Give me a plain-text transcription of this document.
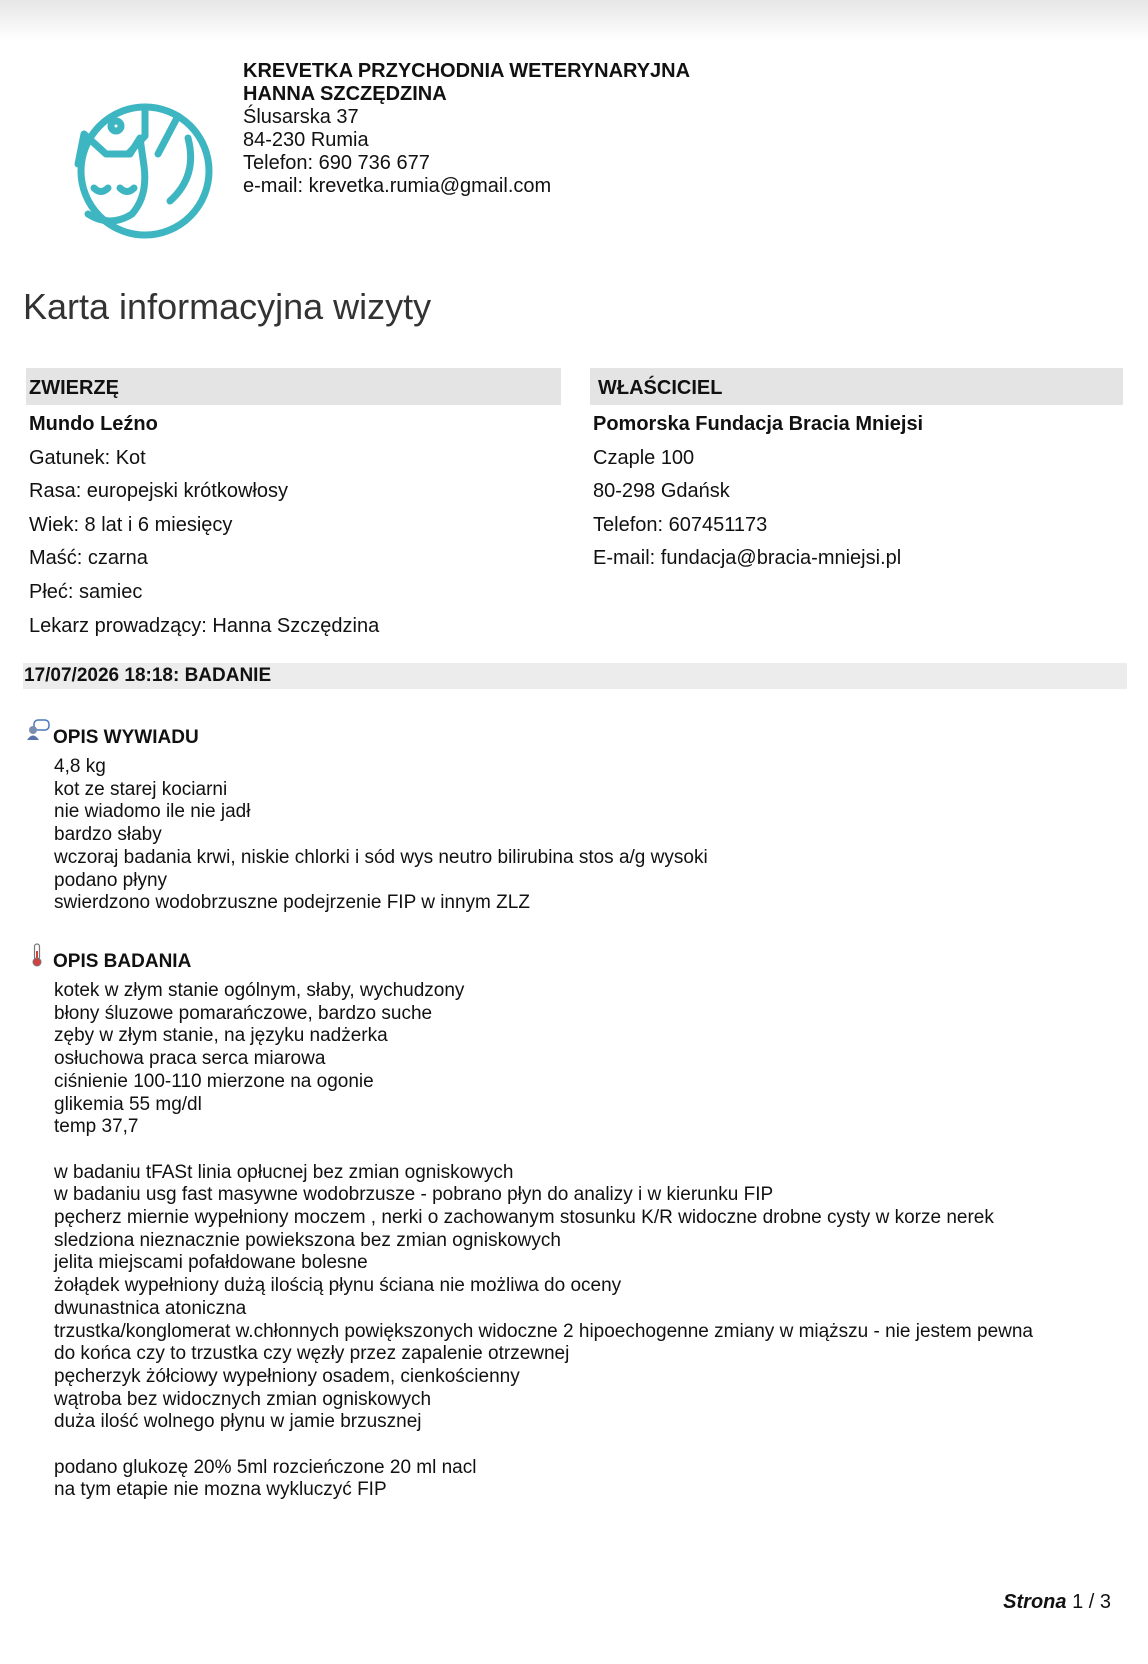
KREVETKA PRZYCHODNIA WETERYNARYJNA
HANNA SZCZĘDZINA
Ślusarska 37
84-230 Rumia
Telefon: 690 736 677
e-mail: krevetka.rumia@gmail.com
Karta informacyjna wizyty
ZWIERZĘ
Mundo Leźno
Gatunek: Kot
Rasa: europejski krótkowłosy
Wiek: 8 lat i 6 miesięcy
Maść: czarna
Płeć: samiec
Lekarz prowadzący: Hanna Szczędzina
WŁAŚCICIEL
Pomorska Fundacja Bracia Mniejsi
Czaple 100
80-298 Gdańsk
Telefon: 607451173
E-mail: fundacja@bracia-mniejsi.pl
17/07/2026 18:18: BADANIE
OPIS WYWIADU
4,8 kg
kot ze starej kociarni
nie wiadomo ile nie jadł
bardzo słaby
wczoraj badania krwi, niskie chlorki i sód wys neutro bilirubina stos a/g wysoki
podano płyny
swierdzono wodobrzuszne podejrzenie FIP w innym ZLZ
OPIS BADANIA
kotek w złym stanie ogólnym, słaby, wychudzony
błony śluzowe pomarańczowe, bardzo suche
zęby w złym stanie, na języku nadżerka
osłuchowa praca serca miarowa
ciśnienie 100-110 mierzone na ogonie
glikemia 55 mg/dl
temp 37,7
w badaniu tFASt linia opłucnej bez zmian ogniskowych
w badaniu usg fast masywne wodobrzusze - pobrano płyn do analizy i w kierunku FIP
pęcherz miernie wypełniony moczem , nerki o zachowanym stosunku K/R widoczne drobne cysty w korze nerek
sledziona nieznacznie powiekszona bez zmian ogniskowych
jelita miejscami pofałdowane bolesne
żołądek wypełniony dużą ilością płynu ściana nie możliwa do oceny
dwunastnica atoniczna
trzustka/konglomerat w.chłonnych powiększonych widoczne 2 hipoechogenne zmiany w miąższu - nie jestem pewna
do końca czy to trzustka czy węzły przez zapalenie otrzewnej
pęcherzyk żółciowy wypełniony osadem, cienkościenny
wątroba bez widocznych zmian ogniskowych
duża ilość wolnego płynu w jamie brzusznej
podano glukozę 20% 5ml rozcieńczone 20 ml nacl
na tym etapie nie mozna wykluczyć FIP
Strona 1 / 3
